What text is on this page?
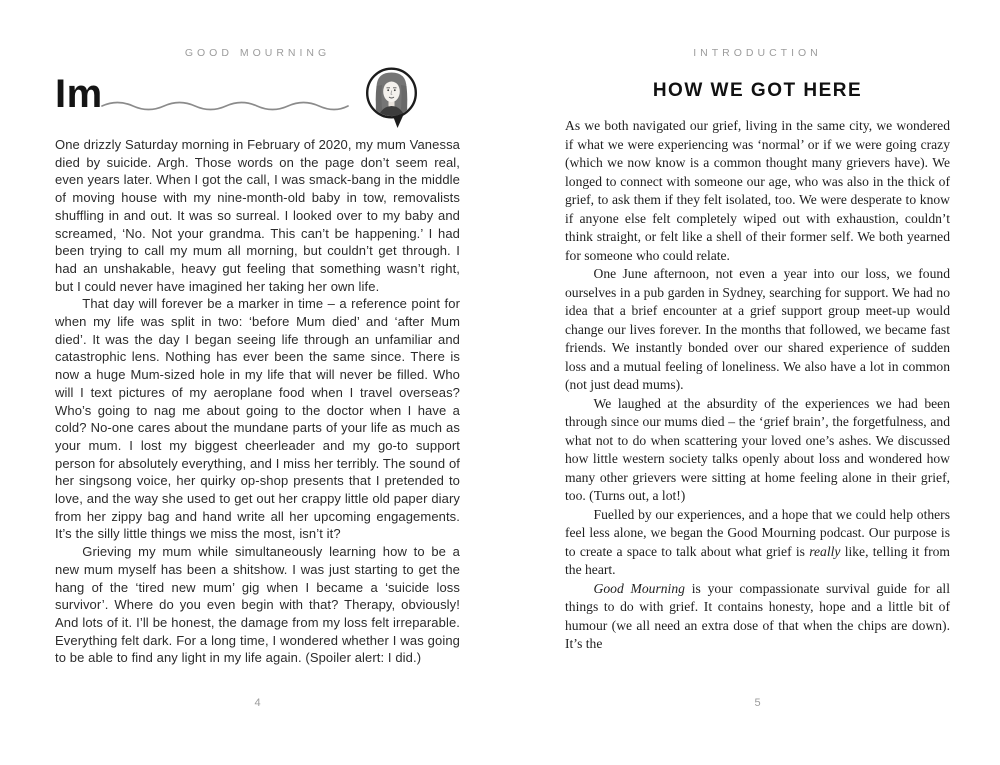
GOOD MOURNING
Im

One drizzly Saturday morning in February of 2020, my mum Vanessa died by suicide. Argh. Those words on the page don’t seem real, even years later. When I got the call, I was smack-bang in the middle of moving house with my nine-month-old baby in tow, removalists shuffling in and out. It was so surreal. I looked over to my baby and screamed, ‘No. Not your grandma. This can’t be happening.’ I had been trying to call my mum all morning, but couldn’t get through. I had an unshakable, heavy gut feeling that something wasn’t right, but I could never have imagined her taking her own life.

That day will forever be a marker in time – a reference point for when my life was split in two: ‘before Mum died’ and ‘after Mum died’. It was the day I began seeing life through an unfamiliar and catastrophic lens. Nothing has ever been the same since. There is now a huge Mum-sized hole in my life that will never be filled. Who will I text pictures of my aeroplane food when I travel overseas? Who’s going to nag me about going to the doctor when I have a cold? No-one cares about the mundane parts of your life as much as your mum. I lost my biggest cheerleader and my go-to support person for absolutely everything, and I miss her terribly. The sound of her singsong voice, her quirky op-shop presents that I pretended to love, and the way she used to get out her crappy little old paper diary from her zippy bag and hand write all her upcoming engagements. It’s the silly little things we miss the most, isn’t it?

Grieving my mum while simultaneously learning how to be a new mum myself has been a shitshow. I was just starting to get the hang of the ‘tired new mum’ gig when I became a ‘suicide loss survivor’. Where do you even begin with that? Therapy, obviously! And lots of it. I’ll be honest, the damage from my loss felt irreparable. Everything felt dark. For a long time, I wondered whether I was going to be able to find any light in my life again. (Spoiler alert: I did.)

4
INTRODUCTION
HOW WE GOT HERE

As we both navigated our grief, living in the same city, we wondered if what we were experiencing was ‘normal’ or if we were going crazy (which we now know is a common thought many grievers have). We longed to connect with someone our age, who was also in the thick of grief, to ask them if they felt isolated, too. We were desperate to know if anyone else felt completely wiped out with exhaustion, couldn’t think straight, or felt like a shell of their former self. We both yearned for someone who could relate.

One June afternoon, not even a year into our loss, we found ourselves in a pub garden in Sydney, searching for support. We had no idea that a brief encounter at a grief support group meet-up would change our lives forever. In the months that followed, we became fast friends. We instantly bonded over our shared experience of sudden loss and a mutual feeling of loneliness. We also have a lot in common (not just dead mums).

We laughed at the absurdity of the experiences we had been through since our mums died – the ‘grief brain’, the forgetfulness, and what not to do when scattering your loved one’s ashes. We discussed how little western society talks openly about loss and wondered how many other grievers were sitting at home feeling alone in their grief, too. (Turns out, a lot!)

Fuelled by our experiences, and a hope that we could help others feel less alone, we began the Good Mourning podcast. Our purpose is to create a space to talk about what grief is really like, telling it from the heart.

Good Mourning is your compassionate survival guide for all things to do with grief. It contains honesty, hope and a little bit of humour (we all need an extra dose of that when the chips are down). It’s the

5
